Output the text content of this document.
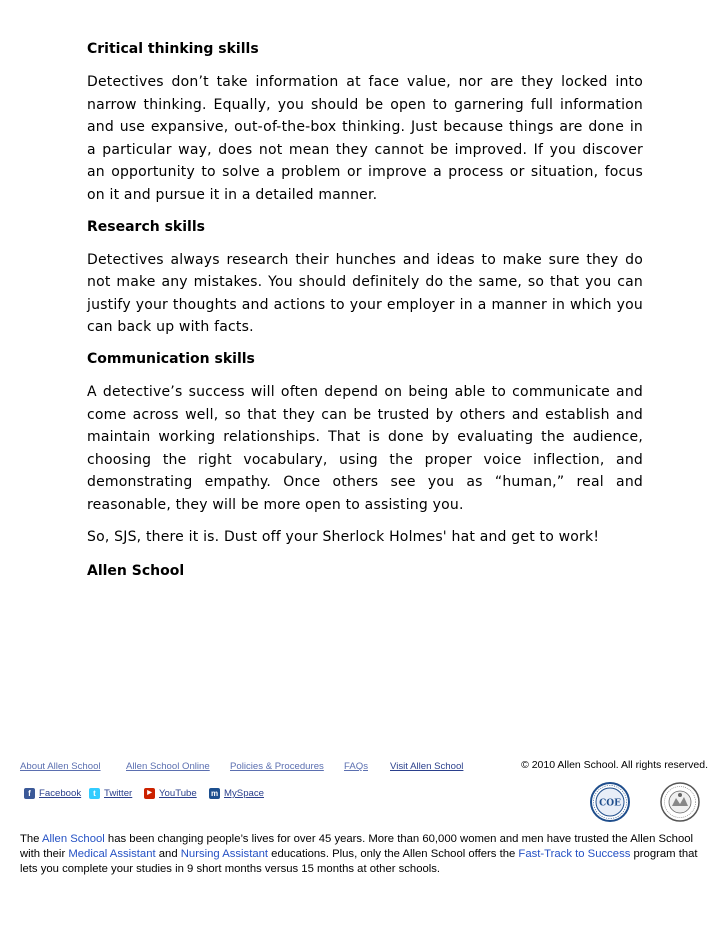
Critical thinking skills
Detectives don’t take information at face value, nor are they locked into narrow thinking. Equally, you should be open to garnering full information and use expansive, out-of-the-box thinking. Just because things are done in a particular way, does not mean they cannot be improved. If you discover an opportunity to solve a problem or improve a process or situation, focus on it and pursue it in a detailed manner.
Research skills
Detectives always research their hunches and ideas to make sure they do not make any mistakes. You should definitely do the same, so that you can justify your thoughts and actions to your employer in a manner in which you can back up with facts.
Communication skills
A detective’s success will often depend on being able to communicate and come across well, so that they can be trusted by others and establish and maintain working relationships. That is done by evaluating the audience, choosing the right vocabulary, using the proper voice inflection, and demonstrating empathy. Once others see you as “human,” real and reasonable, they will be more open to assisting you.
So, SJS, there it is. Dust off your Sherlock Holmes' hat and get to work!
Allen School
About Allen School	Allen School Online Policies & Procedures FAQs Visit Allen School	© 2010 Allen School. All rights reserved.
f Facebook	t Twitter	▶ YouTube m MySpace
COE
The Allen School has been changing people’s lives for over 45 years. More than 60,000 women and men have trusted the Allen School with their Medical Assistant and Nursing Assistant educations. Plus, only the Allen School offers the Fast-Track to Success program that lets you complete your studies in 9 short months versus 15 months at other schools.
